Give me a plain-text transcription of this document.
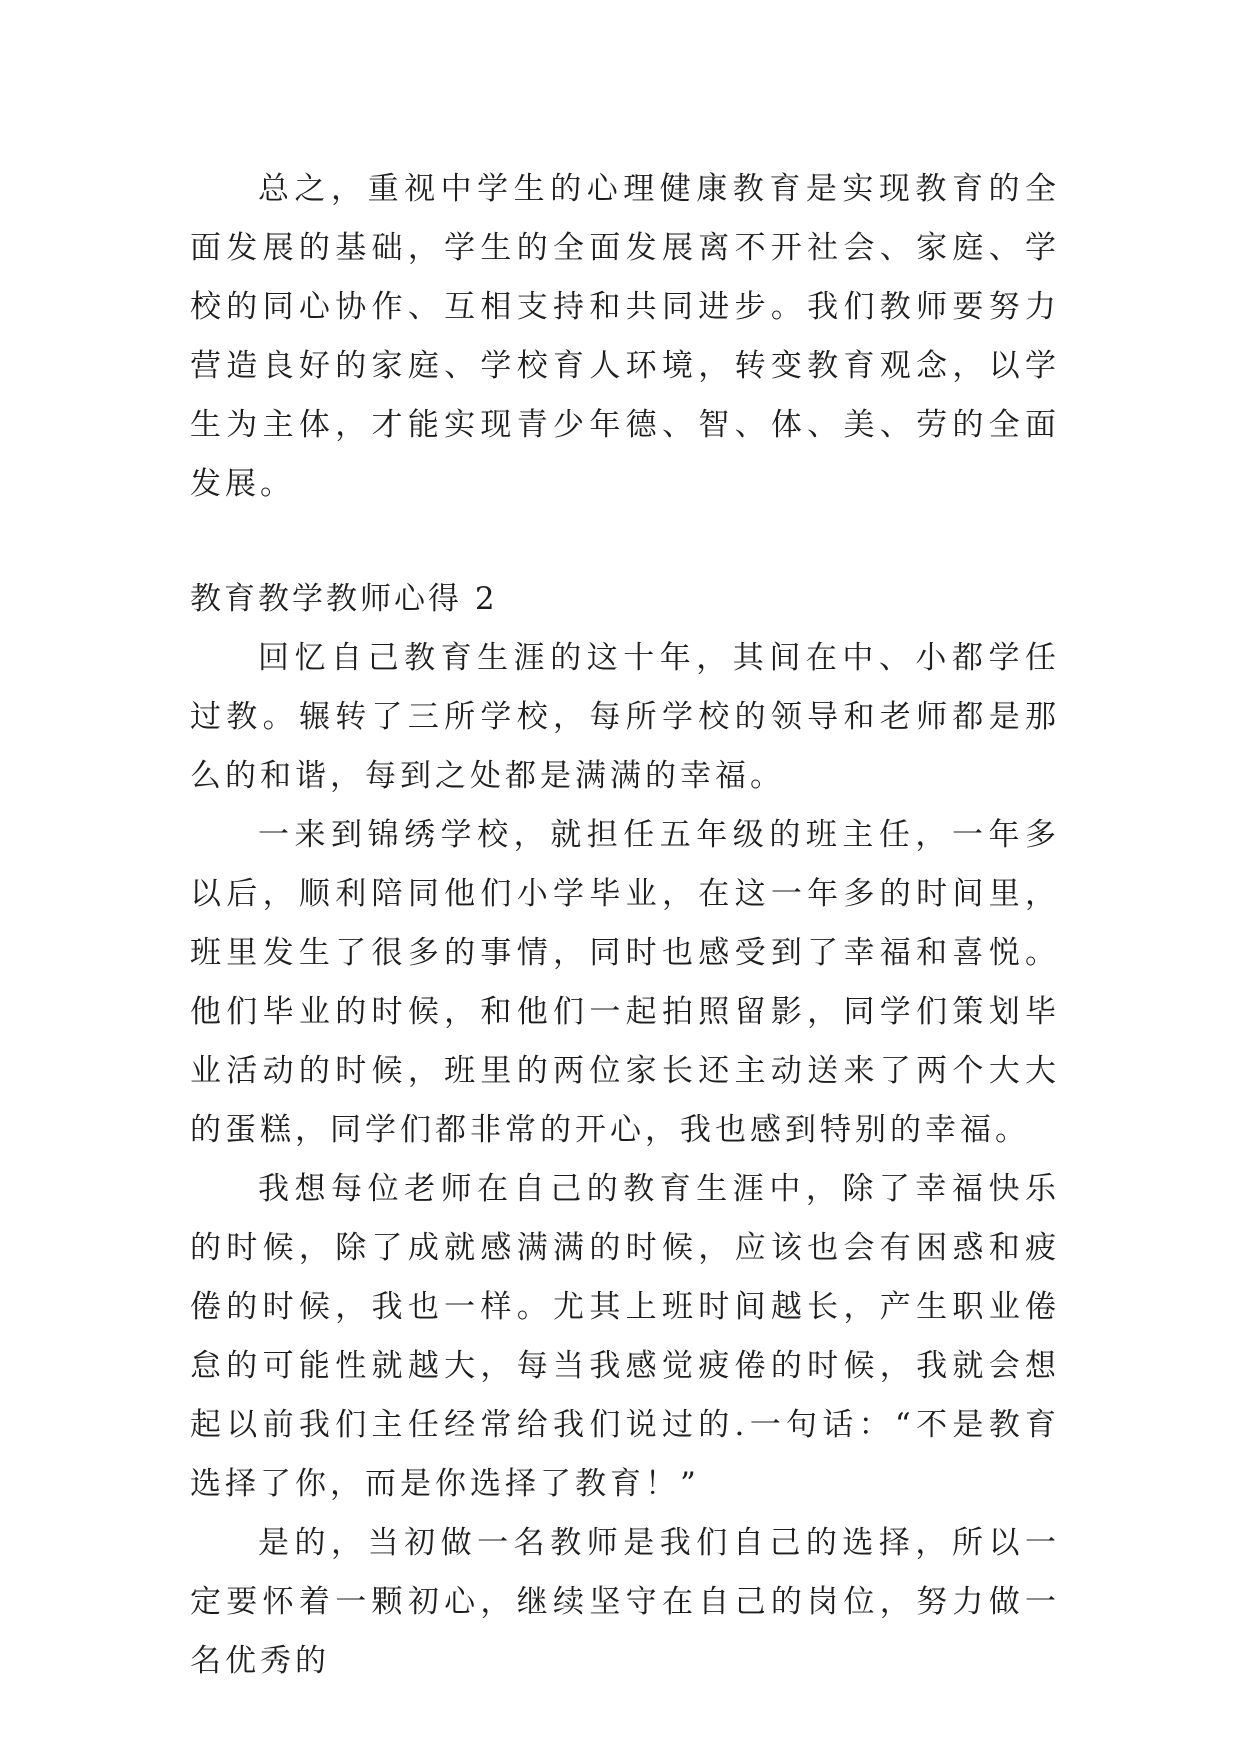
总之，重视中学生的心理健康教育是实现教育的全面发展的基础，学生的全面发展离不开社会、家庭、学校的同心协作、互相支持和共同进步。我们教师要努力营造良好的家庭、学校育人环境，转变教育观念，以学生为主体，才能实现青少年德、智、体、美、劳的全面发展。

教育教学教师心得 2

回忆自己教育生涯的这十年，其间在中、小都学任过教。辗转了三所学校，每所学校的领导和老师都是那么的和谐，每到之处都是满满的幸福。

一来到锦绣学校，就担任五年级的班主任，一年多以后，顺利陪同他们小学毕业，在这一年多的时间里，班里发生了很多的事情，同时也感受到了幸福和喜悦。他们毕业的时候，和他们一起拍照留影，同学们策划毕业活动的时候，班里的两位家长还主动送来了两个大大的蛋糕，同学们都非常的开心，我也感到特别的幸福。

我想每位老师在自己的教育生涯中，除了幸福快乐的时候，除了成就感满满的时候，应该也会有困惑和疲倦的时候，我也一样。尤其上班时间越长，产生职业倦怠的可能性就越大，每当我感觉疲倦的时候，我就会想起以前我们主任经常给我们说过的.一句话：“不是教育选择了你，而是你选择了教育！”

是的，当初做一名教师是我们自己的选择，所以一定要怀着一颗初心，继续坚守在自己的岗位，努力做一名优秀的
